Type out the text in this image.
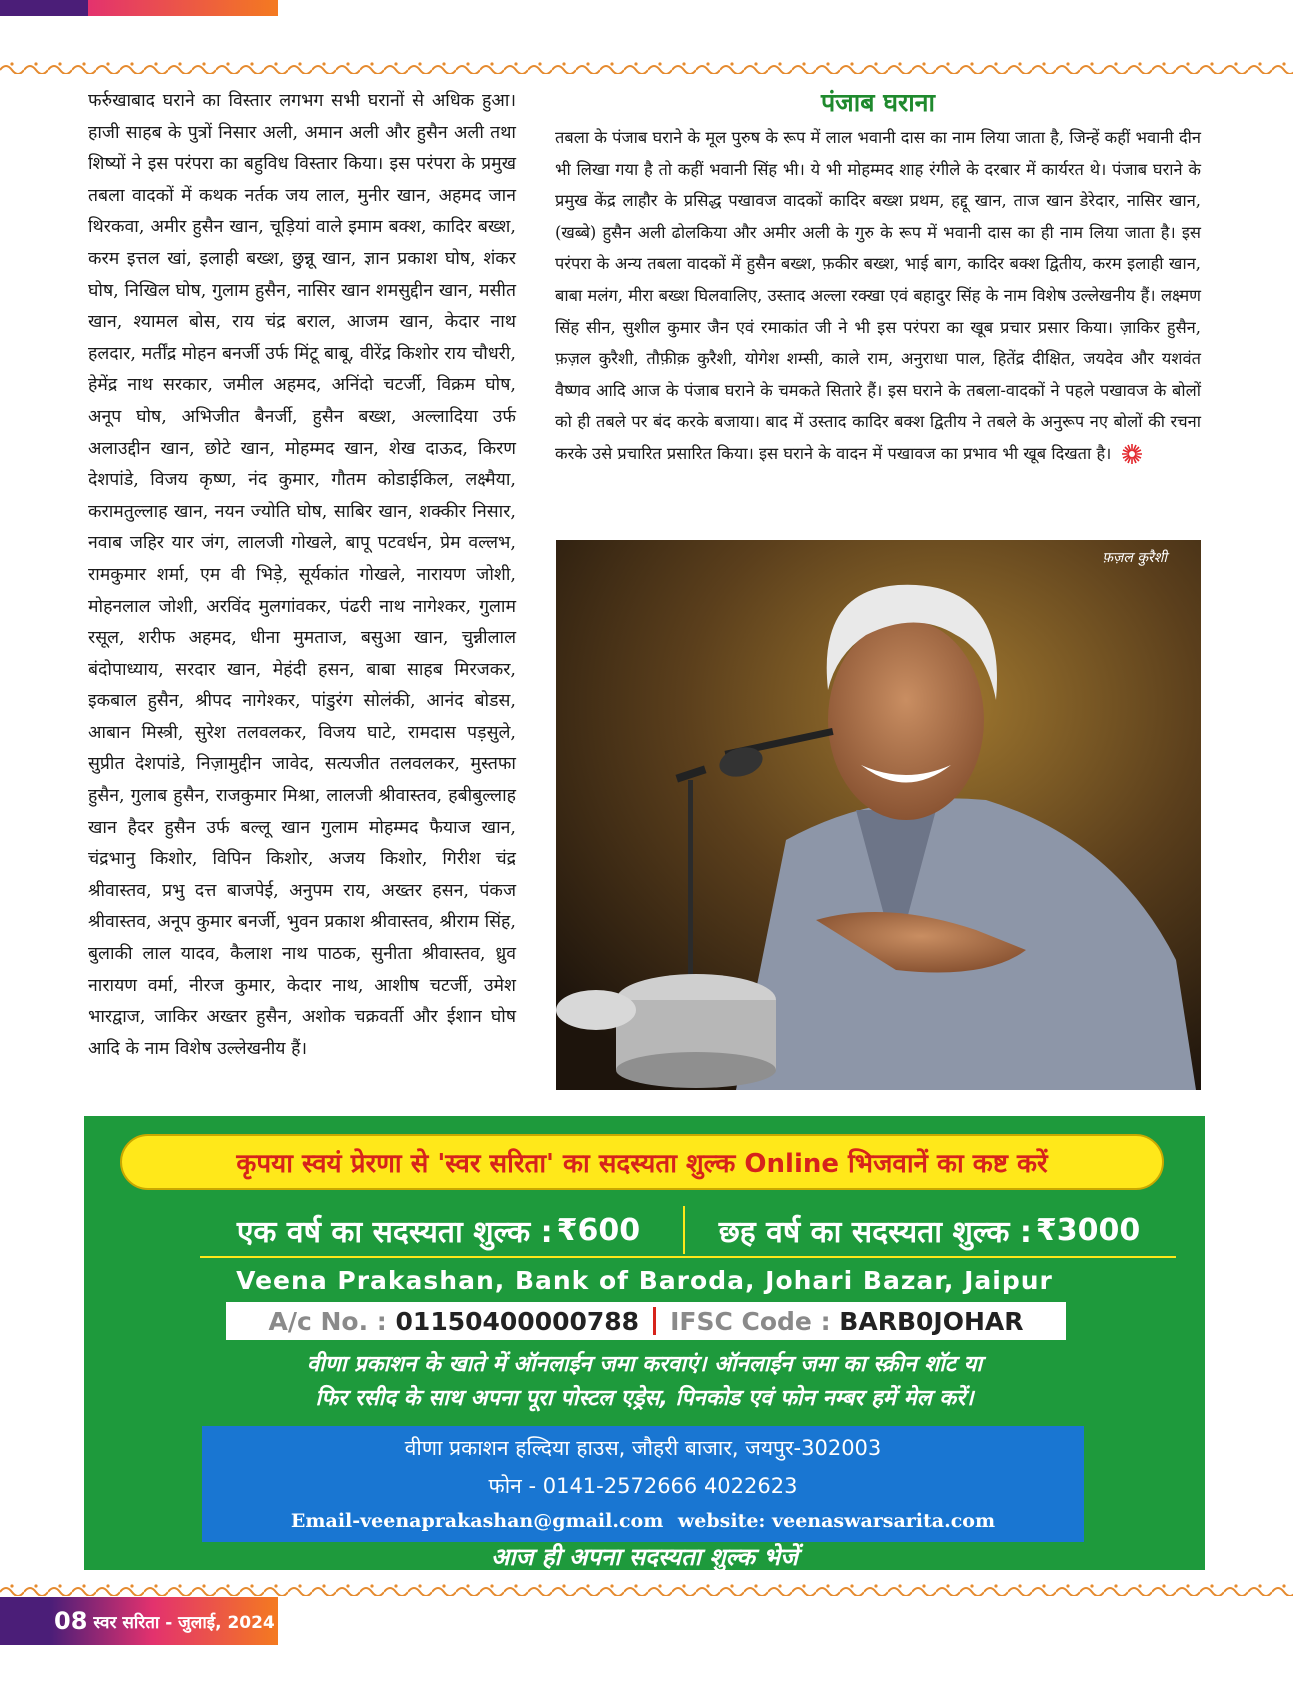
फर्रुखाबाद घराने का विस्तार लगभग सभी घरानों से अधिक हुआ। हाजी साहब के पुत्रों निसार अली, अमान अली और हुसैन अली तथा शिष्यों ने इस परंपरा का बहुविध विस्तार किया। इस परंपरा के प्रमुख तबला वादकों में कथक नर्तक जय लाल, मुनीर खान, अहमद जान थिरकवा, अमीर हुसैन खान, चूड़ियां वाले इमाम बक्श, कादिर बख्श, करम इत्तल खां, इलाही बख्श, छुन्नू खान, ज्ञान प्रकाश घोष, शंकर घोष, निखिल घोष, गुलाम हुसैन, नासिर खान शमसुद्दीन खान, मसीत खान, श्यामल बोस, राय चंद्र बराल, आजम खान, केदार नाथ हलदार, मर्तींद्र मोहन बनर्जी उर्फ मिंटू बाबू, वीरेंद्र किशोर राय चौधरी, हेमेंद्र नाथ सरकार, जमील अहमद, अनिंदो चटर्जी, विक्रम घोष, अनूप घोष, अभिजीत बैनर्जी, हुसैन बख्श, अल्लादिया उर्फ अलाउद्दीन खान, छोटे खान, मोहम्मद खान, शेख दाऊद, किरण देशपांडे, विजय कृष्ण, नंद कुमार, गौतम कोडाईकिल, लक्ष्मैया, करामतुल्लाह खान, नयन ज्योति घोष, साबिर खान, शक्कीर निसार, नवाब जहिर यार जंग, लालजी गोखले, बापू पटवर्धन, प्रेम वल्लभ, रामकुमार शर्मा, एम वी भिड़े, सूर्यकांत गोखले, नारायण जोशी, मोहनलाल जोशी, अरविंद मुलगांवकर, पंढरी नाथ नागेश्कर, गुलाम रसूल, शरीफ अहमद, धीना मुमताज, बसुआ खान, चुन्नीलाल बंदोपाध्याय, सरदार खान, मेहंदी हसन, बाबा साहब मिरजकर, इकबाल हुसैन, श्रीपद नागेश्कर, पांडुरंग सोलंकी, आनंद बोडस, आबान मिस्त्री, सुरेश तलवलकर, विजय घाटे, रामदास पड़सुले, सुप्रीत देशपांडे, निज़ामुद्दीन जावेद, सत्यजीत तलवलकर, मुस्तफा हुसैन, गुलाब हुसैन, राजकुमार मिश्रा, लालजी श्रीवास्तव, हबीबुल्लाह खान हैदर हुसैन उर्फ बल्लू खान गुलाम मोहम्मद फैयाज खान, चंद्रभानु किशोर, विपिन किशोर, अजय किशोर, गिरीश चंद्र श्रीवास्तव, प्रभु दत्त बाजपेई, अनुपम राय, अख्तर हसन, पंकज श्रीवास्तव, अनूप कुमार बनर्जी, भुवन प्रकाश श्रीवास्तव, श्रीराम सिंह, बुलाकी लाल यादव, कैलाश नाथ पाठक, सुनीता श्रीवास्तव, ध्रुव नारायण वर्मा, नीरज कुमार, केदार नाथ, आशीष चटर्जी, उमेश भारद्वाज, जाकिर अख्तर हुसैन, अशोक चक्रवर्ती और ईशान घोष आदि के नाम विशेष उल्लेखनीय हैं।
पंजाब घराना
तबला के पंजाब घराने के मूल पुरुष के रूप में लाल भवानी दास का नाम लिया जाता है, जिन्हें कहीं भवानी दीन भी लिखा गया है तो कहीं भवानी सिंह भी। ये भी मोहम्मद शाह रंगीले के दरबार में कार्यरत थे। पंजाब घराने के प्रमुख केंद्र लाहौर के प्रसिद्ध पखावज वादकों कादिर बख्श प्रथम, हद्दू खान, ताज खान डेरेदार, नासिर खान, (खब्बे) हुसैन अली ढोलकिया और अमीर अली के गुरु के रूप में भवानी दास का ही नाम लिया जाता है। इस परंपरा के अन्य तबला वादकों में हुसैन बख्श, फ़कीर बख्श, भाई बाग, कादिर बक्श द्वितीय, करम इलाही खान, बाबा मलंग, मीरा बख्श घिलवालिए, उस्ताद अल्ला रक्खा एवं बहादुर सिंह के नाम विशेष उल्लेखनीय हैं। लक्ष्मण सिंह सीन, सुशील कुमार जैन एवं रमाकांत जी ने भी इस परंपरा का खूब प्रचार प्रसार किया। ज़ाकिर हुसैन, फ़ज़ल कुरैशी, तौफ़ीक़ कुरैशी, योगेश शम्सी, काले राम, अनुराधा पाल, हितेंद्र दीक्षित, जयदेव और यशवंत वैष्णव आदि आज के पंजाब घराने के चमकते सितारे हैं। इस घराने के तबला-वादकों ने पहले पखावज के बोलों को ही तबले पर बंद करके बजाया। बाद में उस्ताद कादिर बक्श द्वितीय ने तबले के अनुरूप नए बोलों की रचना करके उसे प्रचारित प्रसारित किया। इस घराने के वादन में पखावज का प्रभाव भी खूब दिखता है।
फ़ज़ल कुरैशी
कृपया स्वयं प्रेरणा से 'स्वर सरिता' का सदस्यता शुल्क Online भिजवानें का कष्ट करें
एक वर्ष का सदस्यता शुल्क : ₹600	छह वर्ष का सदस्यता शुल्क : ₹3000
Veena Prakashan, Bank of Baroda, Johari Bazar, Jaipur
A/c No. :
01150400000788 IFSC Code :
BARB0JOHAR
वीणा प्रकाशन के खाते में ऑनलाईन जमा करवाएं। ऑनलाईन जमा का स्क्रीन शॉट या
फिर रसीद के साथ अपना पूरा पोस्टल एड्रेस, पिनकोड एवं फोन नम्बर हमें मेल करें।
वीणा प्रकाशन हल्दिया हाउस, जौहरी बाजार, जयपुर-302003
फोन - 0141-2572666 4022623
Email-veenaprakashan@gmail.com website: veenaswarsarita.com
आज ही अपना सदस्यता शुल्क भेजें
08 स्वर सरिता - जुलाई, 2024
